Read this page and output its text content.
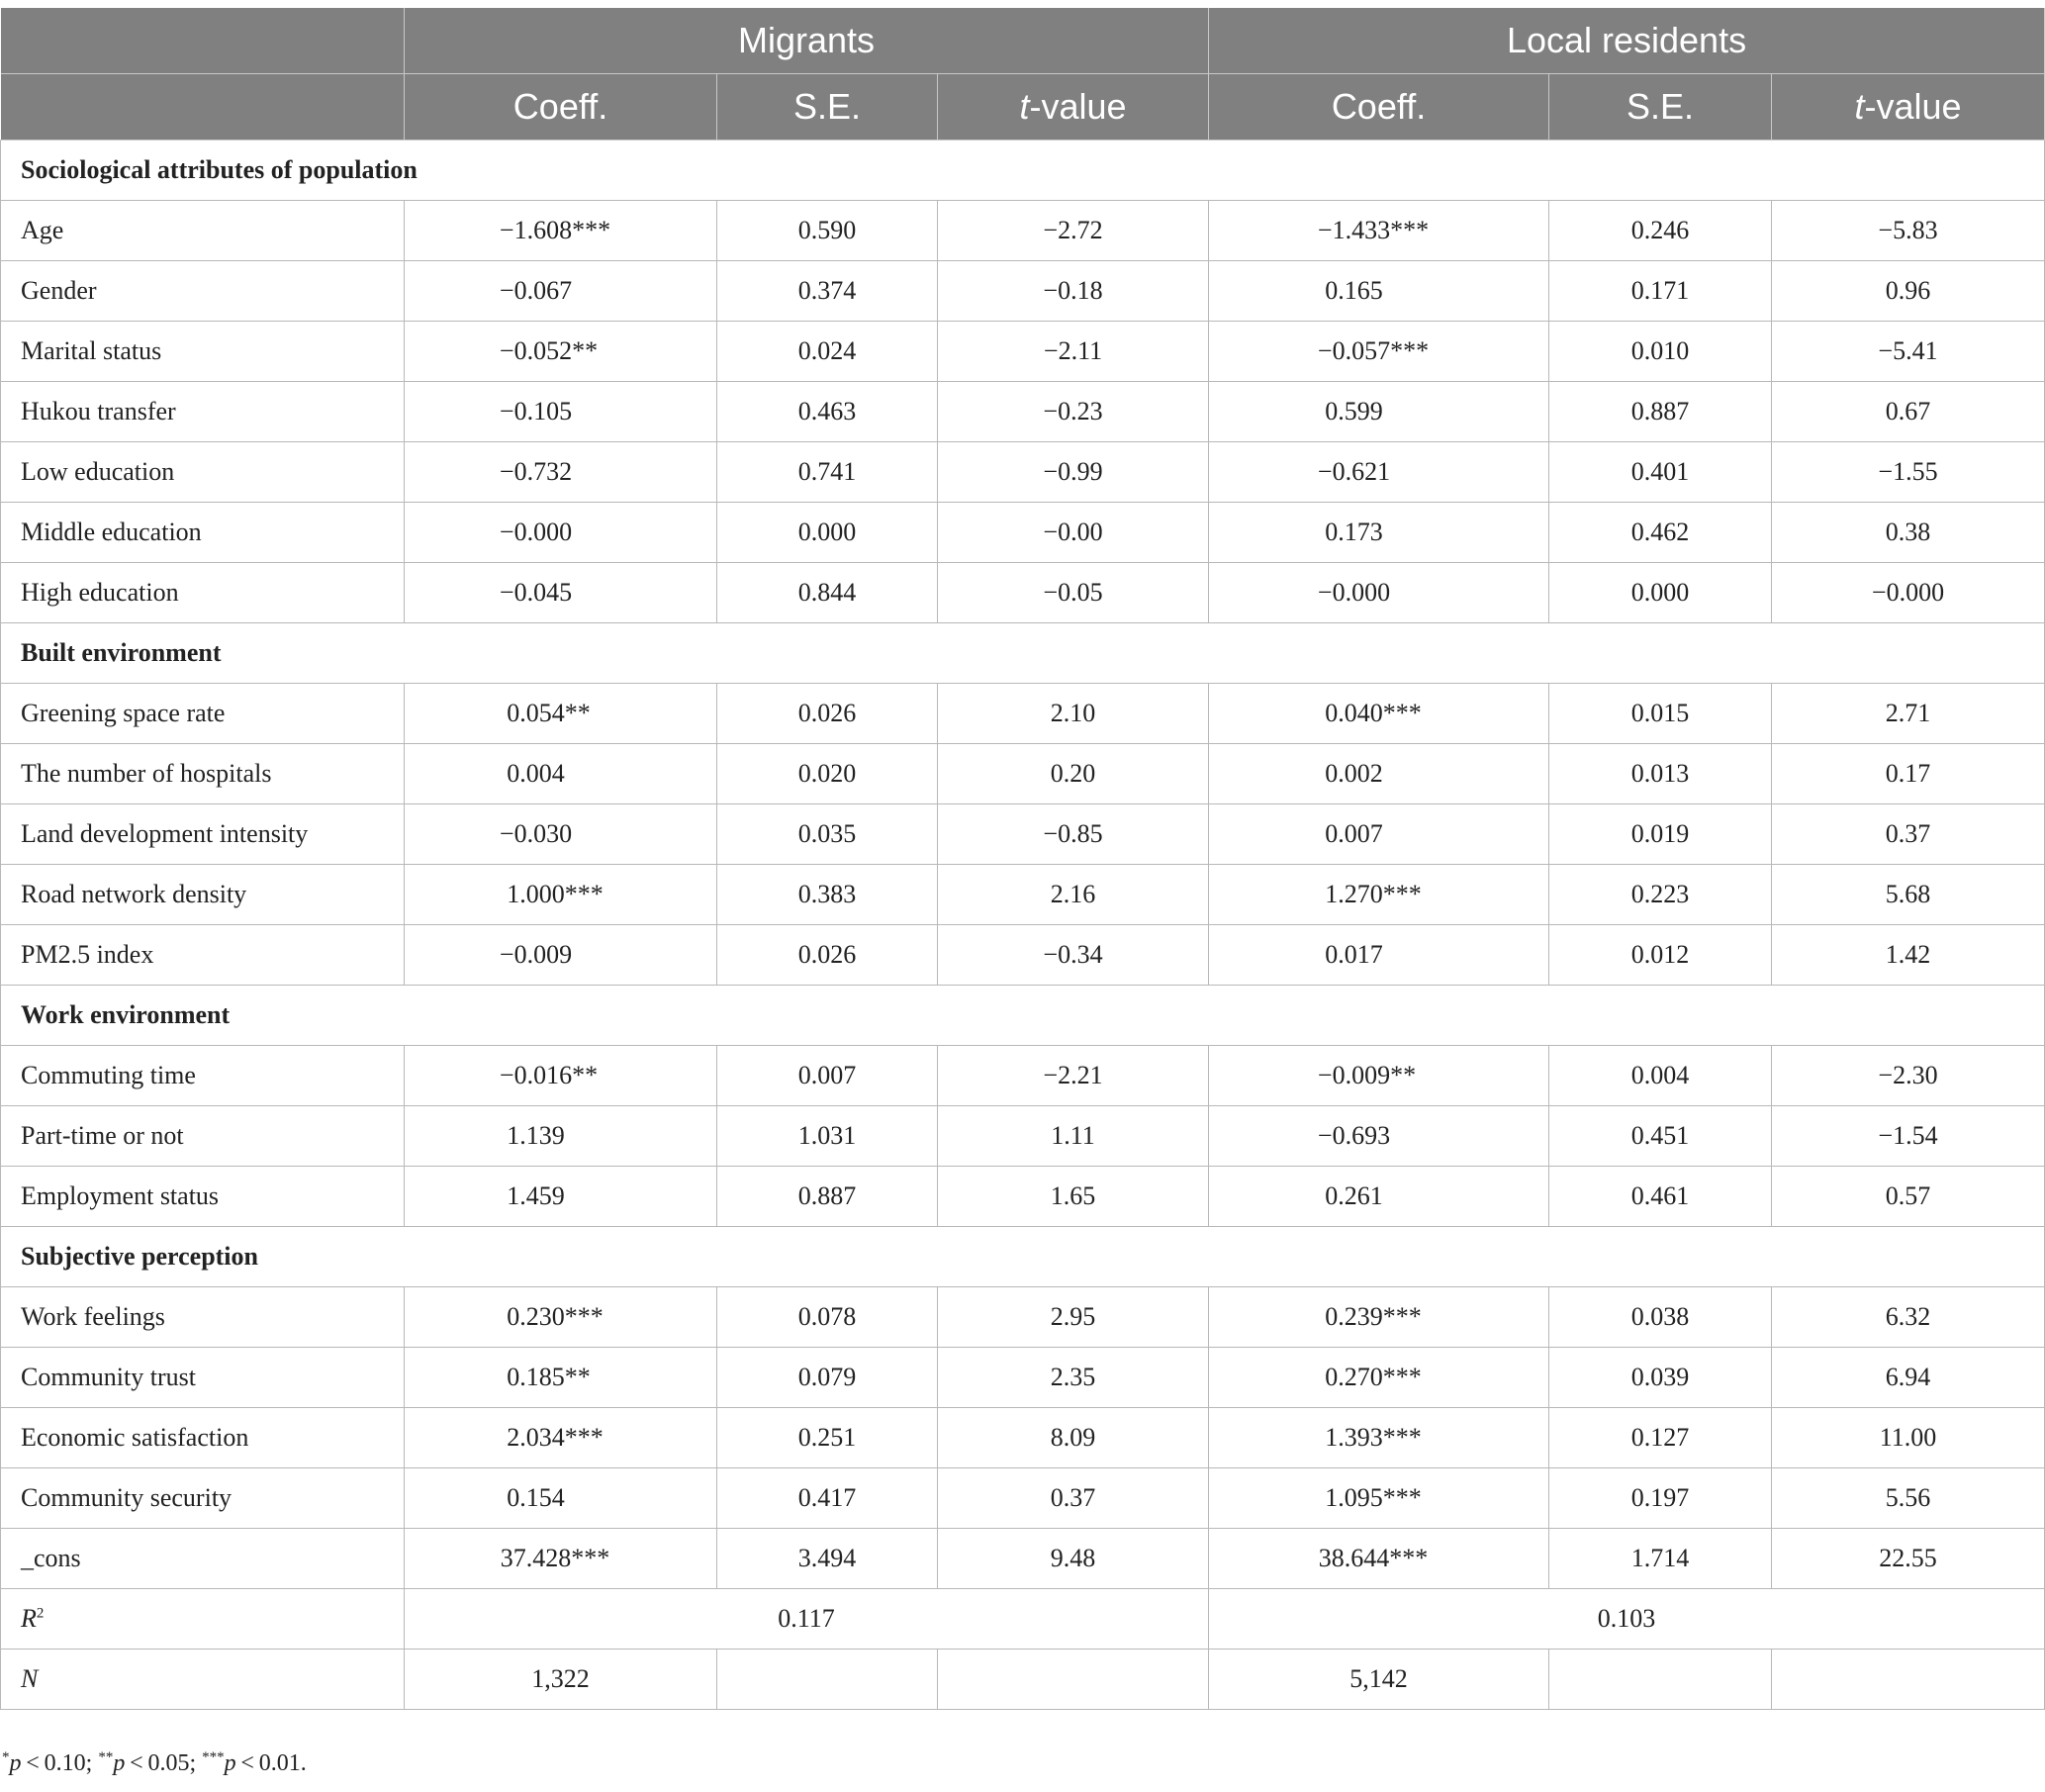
	Migrants			Local residents		
	Coeff.	S.E.	t-value	Coeff.	S.E.	t-value
Sociological attributes of population						
Age	−1.608***	0.590	−2.72	−1.433***	0.246	−5.83
Gender	−0.067	0.374	−0.18	0.165	0.171	0.96
Marital status	−0.052**	0.024	−2.11	−0.057***	0.010	−5.41
Hukou transfer	−0.105	0.463	−0.23	0.599	0.887	0.67
Low education	−0.732	0.741	−0.99	−0.621	0.401	−1.55
Middle education	−0.000	0.000	−0.00	0.173	0.462	0.38
High education	−0.045	0.844	−0.05	−0.000	0.000	−0.000
Built environment						
Greening space rate	0.054**	0.026	2.10	0.040***	0.015	2.71
The number of hospitals	0.004	0.020	0.20	0.002	0.013	0.17
Land development intensity	−0.030	0.035	−0.85	0.007	0.019	0.37
Road network density	1.000***	0.383	2.16	1.270***	0.223	5.68
PM2.5 index	−0.009	0.026	−0.34	0.017	0.012	1.42
Work environment						
Commuting time	−0.016**	0.007	−2.21	−0.009**	0.004	−2.30
Part-time or not	1.139	1.031	1.11	−0.693	0.451	−1.54
Employment status	1.459	0.887	1.65	0.261	0.461	0.57
Subjective perception						
Work feelings	0.230***	0.078	2.95	0.239***	0.038	6.32
Community trust	0.185**	0.079	2.35	0.270***	0.039	6.94
Economic satisfaction	2.034***	0.251	8.09	1.393***	0.127	11.00
Community security	0.154	0.417	0.37	1.095***	0.197	5.56
_cons	37.428***	3.494	9.48	38.644***	1.714	22.55
$R^2$	0.117			0.103		
N	1,322			5,142		
*p < 0.10; **p < 0.05; ***p < 0.01.
